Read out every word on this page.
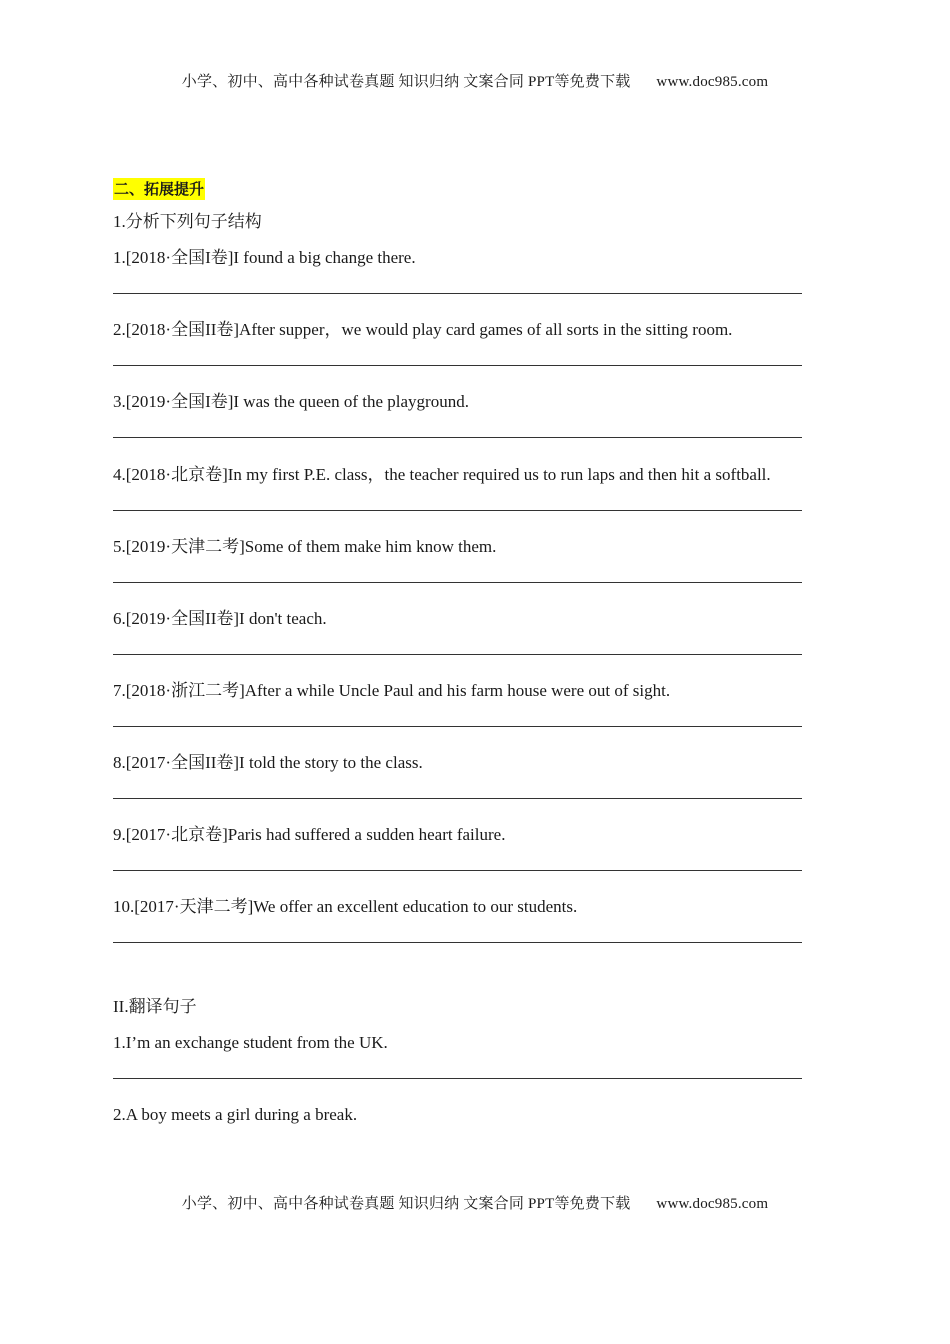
小学、初中、高中各种试卷真题 知识归纳 文案合同 PPT等免费下载 www.doc985.com
二、拓展提升
1.分析下列句子结构
1.[2018·全国I卷]I found a big change there.
2.[2018·全国II卷]After supper，we would play card games of all sorts in the sitting room.
3.[2019·全国I卷]I was the queen of the playground.
4.[2018·北京卷]In my first P.E. class，the teacher required us to run laps and then hit a softball.
5.[2019·天津二考]Some of them make him know them.
6.[2019·全国II卷]I don't teach.
7.[2018·浙江二考]After a while Uncle Paul and his farm house were out of sight.
8.[2017·全国II卷]I told the story to the class.
9.[2017·北京卷]Paris had suffered a sudden heart failure.
10.[2017·天津二考]We offer an excellent education to our students.
II.翻译句子
1.I’m an exchange student from the UK.
2.A boy meets a girl during a break.
小学、初中、高中各种试卷真题 知识归纳 文案合同 PPT等免费下载 www.doc985.com
